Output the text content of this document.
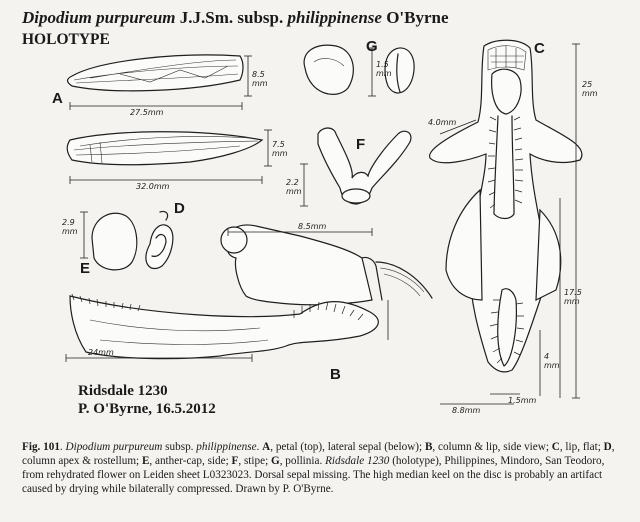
Dipodium purpureum J.J.Sm. subsp. philippinense O'Byrne
HOLOTYPE
A
G
F
C
D
E
B
27.5mm
8.5 mm
32.0mm
7.5 mm
1.5 mm
2.2 mm
2.9 mm
8.5mm
24mm
25 mm
17.5 mm
4 mm
8.8mm
1.5mm
4.0mm
Ridsdale 1230
P. O'Byrne, 16.5.2012
Fig. 101. Dipodium purpureum subsp. philippinense. A, petal (top), lateral sepal (below); B, column & lip, side view; C, lip, flat; D, column apex & rostellum; E, anther-cap, side; F, stipe; G, pollinia. Ridsdale 1230 (holotype), Philippines, Mindoro, San Teodoro, from rehydrated flower on Leiden sheet L0323023. Dorsal sepal missing. The high median keel on the disc is probably an artifact caused by drying while bilaterally compressed. Drawn by P. O'Byrne.
